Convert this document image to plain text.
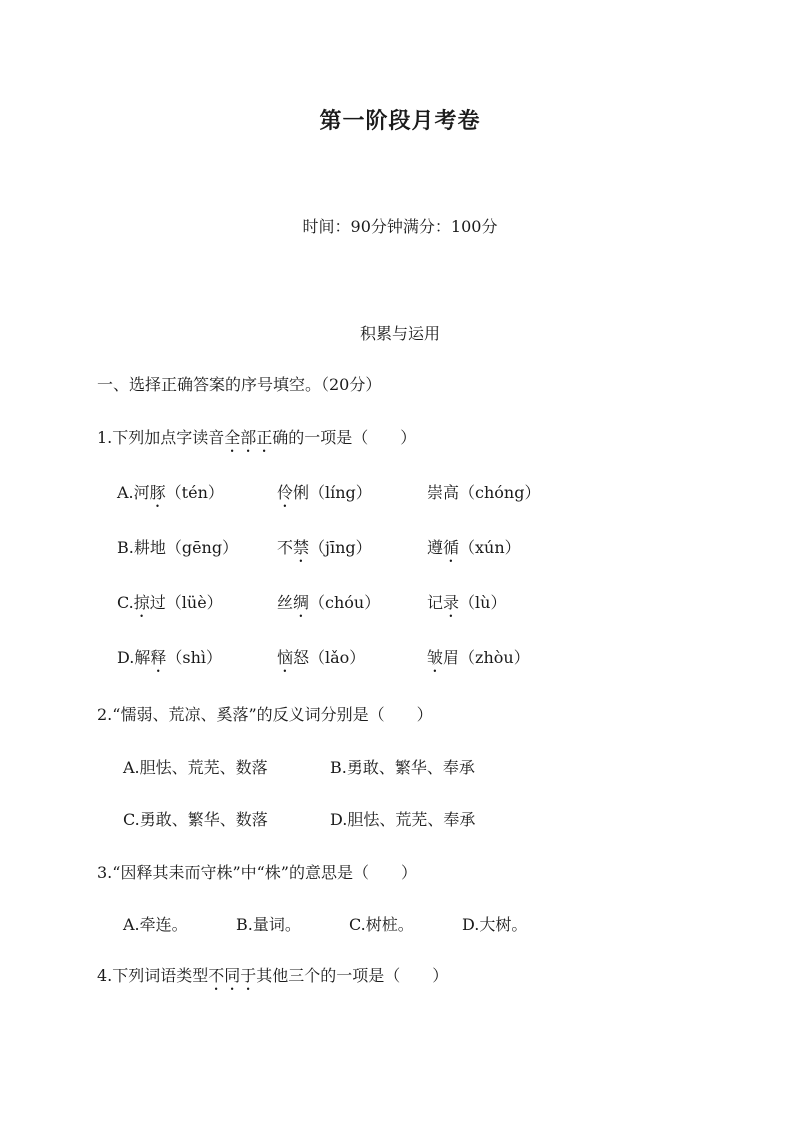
第一阶段月考卷
时间：90分钟满分：100分
积累与运用
一、选择正确答案的序号填空。（20分）
1.下列加点字读音全部正确的一项是（　　）
A.河豚（tén）	伶俐（líng）	崇高（chóng）
B.耕地（gēng） 不禁（jīng）	遵循（xún）
C.掠过（lüè）	丝绸（chóu）	记录（lù）
D.解释（shì）	恼怒（lǎo）	皱眉（zhòu）
2.“懦弱、荒凉、奚落”的反义词分别是（　　）
A.胆怯、荒芜、数落	B.勇敢、繁华、奉承
C.勇敢、繁华、数落	D.胆怯、荒芜、奉承
3.“因释其耒而守株”中“株”的意思是（　　）
A.牵连。	B.量词。	C.树桩。	D.大树。
4.下列词语类型不同于其他三个的一项是（　　）
